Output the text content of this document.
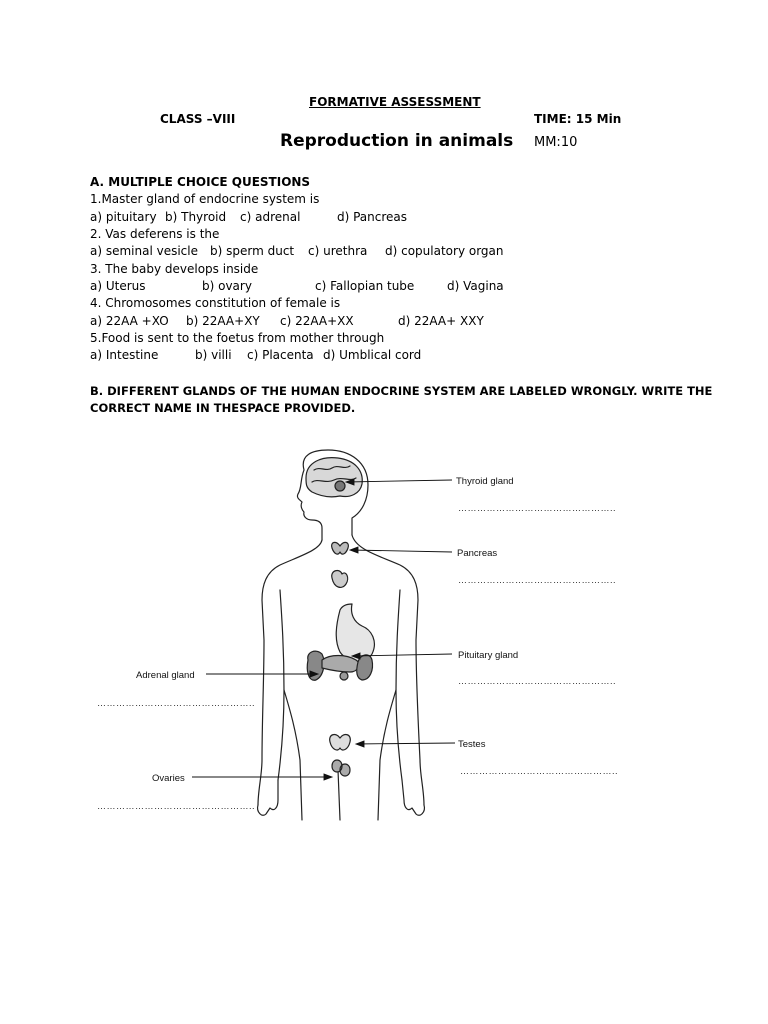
FORMATIVE ASSESSMENT
CLASS –VIII	TIME: 15 Min
Reproduction in animals MM:10
A. MULTIPLE CHOICE QUESTIONS
1.Master gland of endocrine system is
a) pituitary b) Thyroid c) adrenal	d) Pancreas
2. Vas deferens is the
a) seminal vesicle b) sperm duct c) urethra d) copulatory organ
3. The baby develops inside
a) Uterus	b) ovary	c) Fallopian tube	d) Vagina
4. Chromosomes constitution of female is
a) 22AA +XO b) 22AA+XY c) 22AA+XX	d) 22AA+ XXY
5.Food is sent to the foetus from mother through
a) Intestine	b) villi c) Placenta d) Umblical cord
B. DIFFERENT GLANDS OF THE HUMAN ENDOCRINE SYSTEM ARE LABELED WRONGLY. WRITE THE
CORRECT NAME IN THESPACE PROVIDED.
Thyroid gland
…………………………………………..
Pancreas
…………………………………………..
Pituitary gland
…………………………………………..
Testes
…………………………………………..
Adrenal gland
…………………………………………..
Ovaries
…………………………………………..
